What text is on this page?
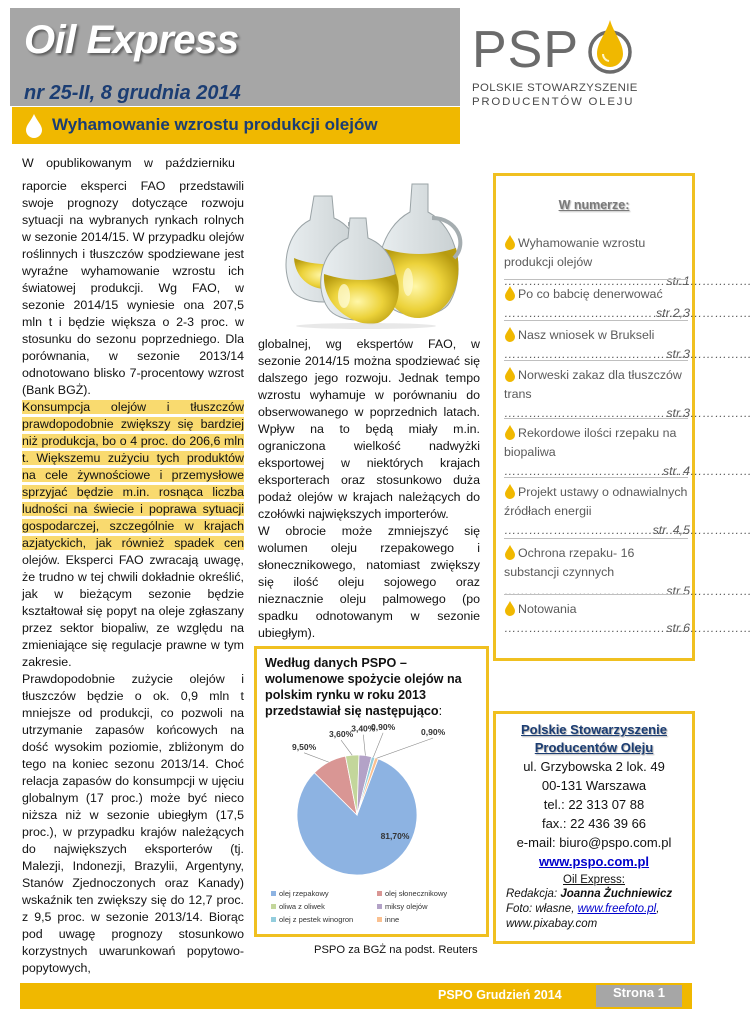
Oil Express
nr 25-II, 8 grudnia 2014
PSP
POLSKIE STOWARZYSZENIE
PRODUCENTÓW OLEJU
Wyhamowanie wzrostu produkcji olejów

W opublikowanym w październiku
raporcie eksperci FAO przedstawili swoje prognozy dotyczące rozwoju sytuacji na wybranych rynkach rolnych w sezonie 2014/15. W przypadku olejów roślinnych i tłuszczów spodziewane jest wyraźne wyhamowanie wzrostu ich światowej produkcji. Wg FAO, w sezonie 2014/15 wyniesie ona 207,5 mln t i będzie większa o 2-3 proc. w stosunku do sezonu poprzedniego. Dla porównania, w sezonie 2013/14 odnotowano blisko 7-procentowy wzrost (Bank BGŻ).

Konsumpcja olejów i tłuszczów prawdopodobnie zwiększy się bardziej niż produkcja, bo o 4 proc. do 206,6 mln t. Większemu zużyciu tych produktów na cele żywnościowe i przemysłowe sprzyjać będzie m.in. rosnąca liczba ludności na świecie i poprawa sytuacji gospodarczej, szczególnie w krajach azjatyckich, jak również spadek cen olejów. Eksperci FAO zwracają uwagę, że trudno w tej chwili dokładnie określić, jak w bieżącym sezonie będzie kształtował się popyt na oleje zgłaszany przez sektor biopaliw, ze względu na zmieniające się regulacje prawne w tym zakresie.

Prawdopodobnie zużycie olejów i tłuszczów będzie o ok. 0,9 mln t mniejsze od produkcji, co pozwoli na utrzymanie zapasów końcowych na dość wysokim poziomie, zbliżonym do tego na koniec sezonu 2013/14. Choć relacja zapasów do konsumpcji w ujęciu globalnym (17 proc.) może być nieco niższa niż w sezonie ubiegłym (17,5 proc.), w przypadku krajów należących do największych eksporterów (tj. Malezji, Indonezji, Brazylii, Argentyny, Stanów Zjednoczonych oraz Kanady) wskaźnik ten zwiększy się do 12,7 proc. z 9,5 proc. w sezonie 2013/14. Biorąc pod uwagę prognozy stosunkowo korzystnych uwarunkowań popytowo-popytowych,

globalnej, wg ekspertów FAO, w sezonie 2014/15 można spodziewać się dalszego jego rozwoju. Jednak tempo wzrostu wyhamuje w porównaniu do obserwowanego w poprzednich latach. Wpływ na to będą miały m.in. ograniczona wielkość nadwyżki eksportowej w niektórych krajach eksporterach oraz stosunkowo duża podaż olejów w krajach należących do czołówki największych importerów.

W obrocie może zmniejszyć się wolumen oleju rzepakowego i słonecznikowego, natomiast zwiększy się ilość oleju sojowego oraz nieznacznie oleju palmowego (po spadku odnotowanym w sezonie ubiegłym).

W numerze:
Wyhamowanie wzrostu produkcji olejów
…………………………………………………… str.1
Po co babcię denerwować
…………………………………………………… str.2,3
Nasz wniosek w Brukseli
…………………………………………………… str.3
Norweski zakaz dla tłuszczów trans
…………………………………………………… str.3
Rekordowe ilości rzepaku na biopaliwa
…………………………………………………… str. 4
Projekt ustawy o odnawialnych źródłach energii
…………………………………………………… str. 4,5
Ochrona rzepaku- 16 substancji czynnych
…………………………………………………… str.5
Notowania
…………………………………………………… str.6
Według danych PSPO – wolumenowe spożycie olejów na polskim rynku w roku 2013 przedstawiał się następująco:
81,70%
9,50%
3,60%
3,40%
0,90%
0,90%
olej rzepakowy	olej słonecznikowy
oliwa z oliwek	miksy olejów
olej z pestek winogron	inne
PSPO za BGŻ na podst. Reuters
Polskie Stowarzyszenie
Producentów Oleju
ul. Grzybowska 2 lok. 49
00-131 Warszawa
tel.: 22 313 07 88
fax.: 22 436 39 66
e-mail: biuro@pspo.com.pl
www.pspo.com.pl
Oil Express:
Redakcja: Joanna Żuchniewicz
Foto: własne, www.freefoto.pl,
www.pixabay.com
PSPO Grudzień 2014	Strona 1
